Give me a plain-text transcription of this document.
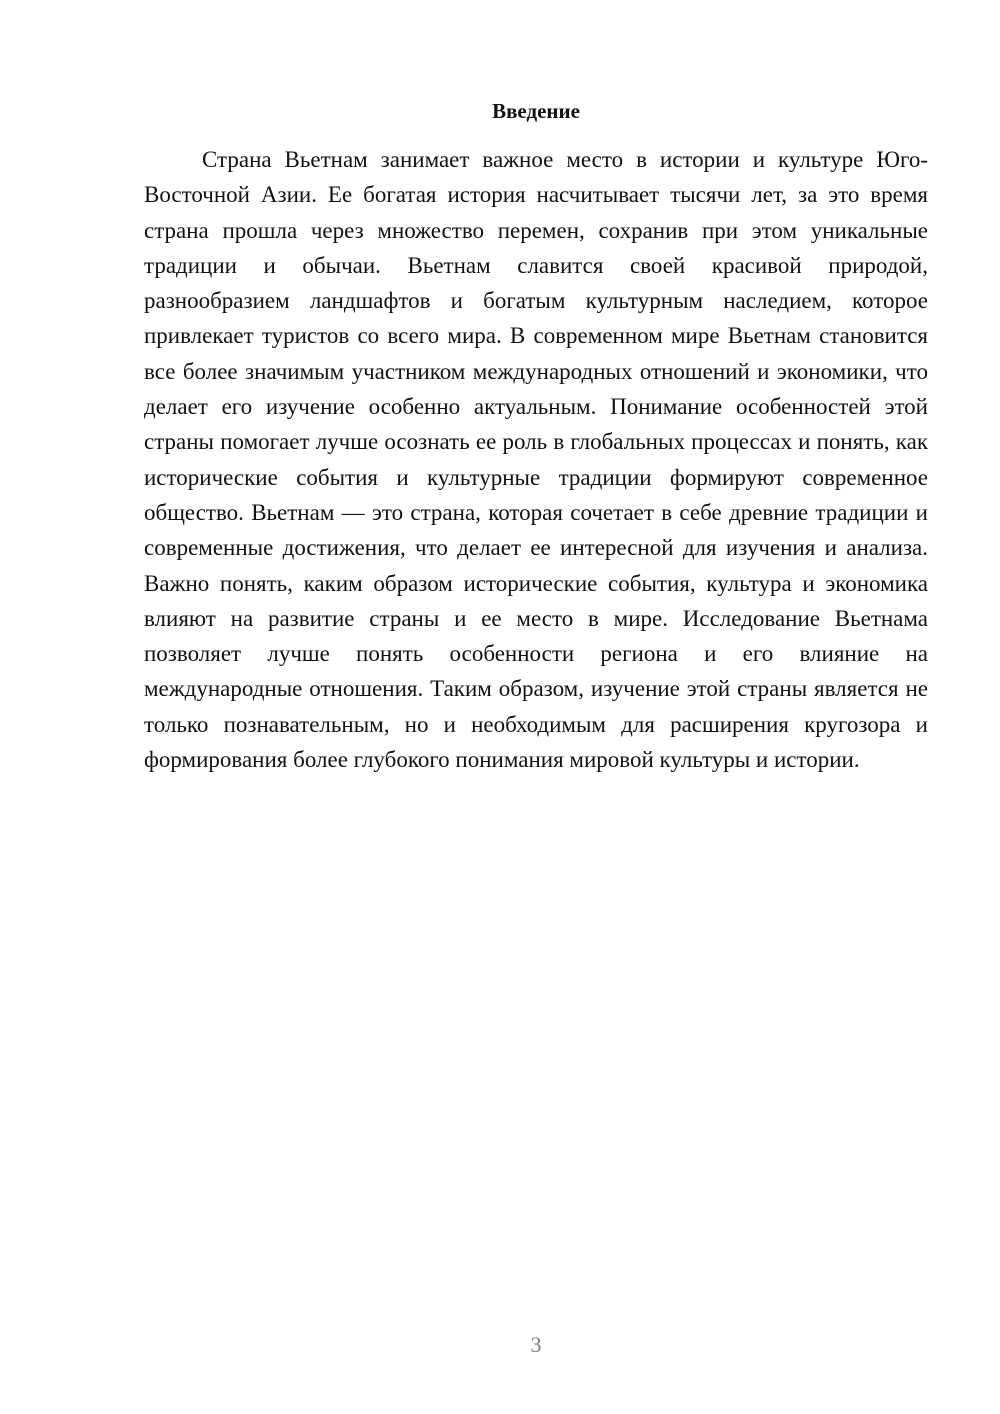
Введение

Страна Вьетнам занимает важное место в истории и культуре Юго-Восточной Азии. Ее богатая история насчитывает тысячи лет, за это время страна прошла через множество перемен, сохранив при этом уникальные традиции и обычаи. Вьетнам славится своей красивой природой, разнообразием ландшафтов и богатым культурным наследием, которое привлекает туристов со всего мира. В современном мире Вьетнам становится все более значимым участником международных отношений и экономики, что делает его изучение особенно актуальным. Понимание особенностей этой страны помогает лучше осознать ее роль в глобальных процессах и понять, как исторические события и культурные традиции формируют современное общество. Вьетнам — это страна, которая сочетает в себе древние традиции и современные достижения, что делает ее интересной для изучения и анализа. Важно понять, каким образом исторические события, культура и экономика влияют на развитие страны и ее место в мире. Исследование Вьетнама позволяет лучше понять особенности региона и его влияние на международные отношения. Таким образом, изучение этой страны является не только познавательным, но и необходимым для расширения кругозора и формирования более глубокого понимания мировой культуры и истории.

3
